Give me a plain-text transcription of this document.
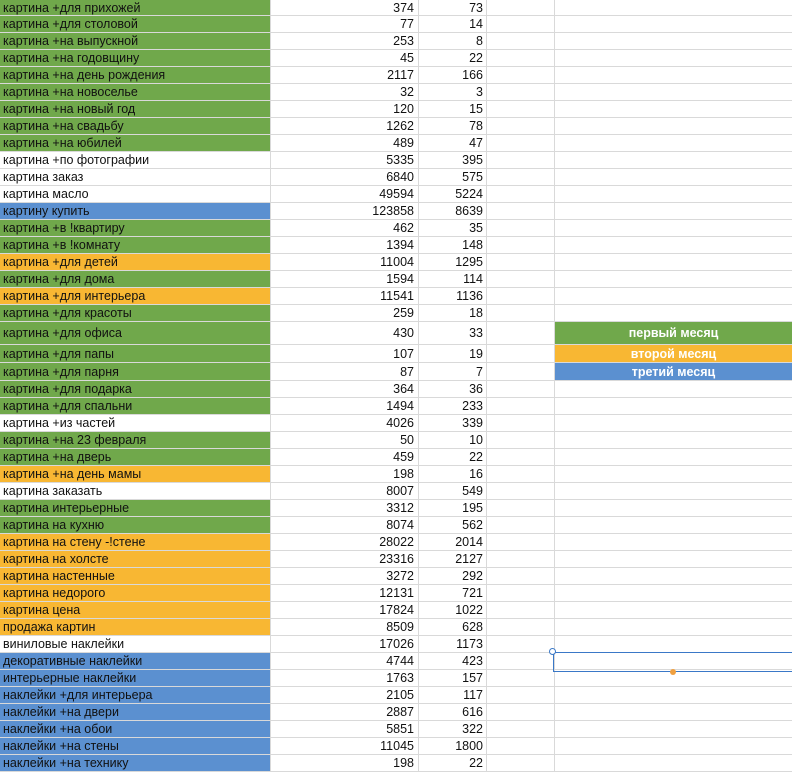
картина +для прихожей	374	73
картина +для столовой	77	14
картина +на выпускной	253	8
картина +на годовщину	45	22
картина +на день рождения	2117	166
картина +на новоселье	32	3
картина +на новый год	120	15
картина +на свадьбу	1262	78
картина +на юбилей	489	47
картина +по фотографии	5335	395
картина заказ	6840	575
картина масло	49594	5224
картину купить	123858	8639
картина +в !квартиру	462	35
картина +в !комнату	1394	148
картина +для детей	11004	1295
картина +для дома	1594	114
картина +для интерьера	11541	1136
картина +для красоты	259	18
картина +для офиса	430	33	первый месяц
картина +для папы	107	19	второй месяц
картина +для парня	87	7	третий месяц
картина +для подарка	364	36
картина +для спальни	1494	233
картина +из частей	4026	339
картина +на 23 февраля	50	10
картина +на дверь	459	22
картина +на день мамы	198	16
картина заказать	8007	549
картина интерьерные	3312	195
картина на кухню	8074	562
картина на стену -!стене	28022	2014
картина на холсте	23316	2127
картина настенные	3272	292
картина недорого	12131	721
картина цена	17824	1022
продажа картин	8509	628
виниловые наклейки	17026	1173
декоративные наклейки	4744	423
интерьерные наклейки	1763	157
наклейки +для интерьера	2105	117
наклейки +на двери	2887	616
наклейки +на обои	5851	322
наклейки +на стены	11045	1800
наклейки +на технику	198	22
